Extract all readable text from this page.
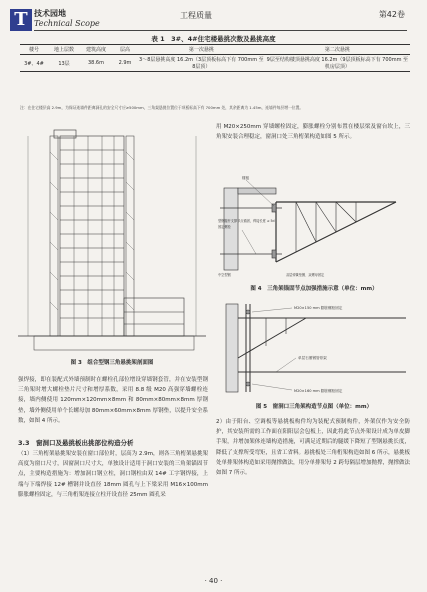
T 技术园地
Technical Scope
工程质量	第42卷
表 1　3#、4#住宅楼悬挑次数及悬挑高度
楼号	地上层数	建筑高度	层高	第一次悬挑	第二次悬挑
3#、4#	13层	38.6m	2.9m	3～8层悬挑高度 16.2m（3层顶板标高下有 700mm 至 8层顶）	9层至结构楼顶悬挑高度 16.2m（9层顶板标高下有 700mm 至机房层顶）
注：在住宅楼层高 2.9m，为保证连墙件距离洞孔的安全尺寸应≥500mm，三角架悬挑位置位于项板标高下有 700mm 处，其余距离为 1.45m，连墙件每层增一位置。
图 3　组合型钢三角悬挑架剖面图
强焊接，即在装配式外墙预制时在螺栓孔部位增设穿墙钢套管，并在安装型钢三角架时增大螺栓垫片尺寸和增厚系数，采用 8.8 级 M20 高强穿墙螺栓连接，墙内侧使用 120mm×120mm×8mm 和 80mm×80mm×8mm 厚钢垫，墙外侧使用单个长螺母加 80mm×60mm×8mm 厚钢垫，以提升安全系数，如图 4 所示。
3.3　窗洞口及悬挑板出挑部位构造分析
（1）三角桁架悬挑架安装在窗口部位时，层高为 2.9m，则各三角桁架悬挑架高度为窗口尺寸，因窗洞口尺寸大，单独设计适用于洞口安装的三角架锚固节点，主要构造措施为：增加洞口钢立柱，洞口钢柱由双 14# 工字钢焊接，上端与下端焊接 12# 槽钢并设直径 18mm 圆孔与上下梁采用 M16×100mm 膨胀螺栓固定，与三角桁架连接立柱开设直径 25mm 圆孔采
用 M20×250mm 穿墙螺栓固定，膨胀螺栓分别布置在楼层梁及窗台坎上，三角架安装合理稳定，窗洞口处三角桁架构造如图 5 所示。
楼板
型钢腹杆支撑节点锚固，焊接长度 ≥ 5d
固定螺栓
中空型钢	双层弹簧垫圈、双螺母固定
图 4　三角架锚固节点加强措施示意（单位：mm）
M20×150 mm 膨胀螺栓固定
M20×160 mm 膨胀螺栓固定
单层石墨钢管骨架
图 5　窗洞口三角架构造节点图（单位：mm）
2）由于阳台、空调板等悬挑板构件均为装配式预制构件，外架仅作为安全防护，其安装所需的工作面在阳阳层会包板上，因此将此节点外架设计成为单皮脚手架，并增加架体连墙构造措施，可满足近期后的腿缓下降短了型钢悬挑长度，降低了支撑所受弯矩，且省工省料。悬挑板处三角桁架构造如图 6 所示，悬挑板处单排架体构造如采用抛撑做法，用分单排架每 2 跨每隔层增加抛撑，抛撑做法如图 7 所示。
· 40 ·
